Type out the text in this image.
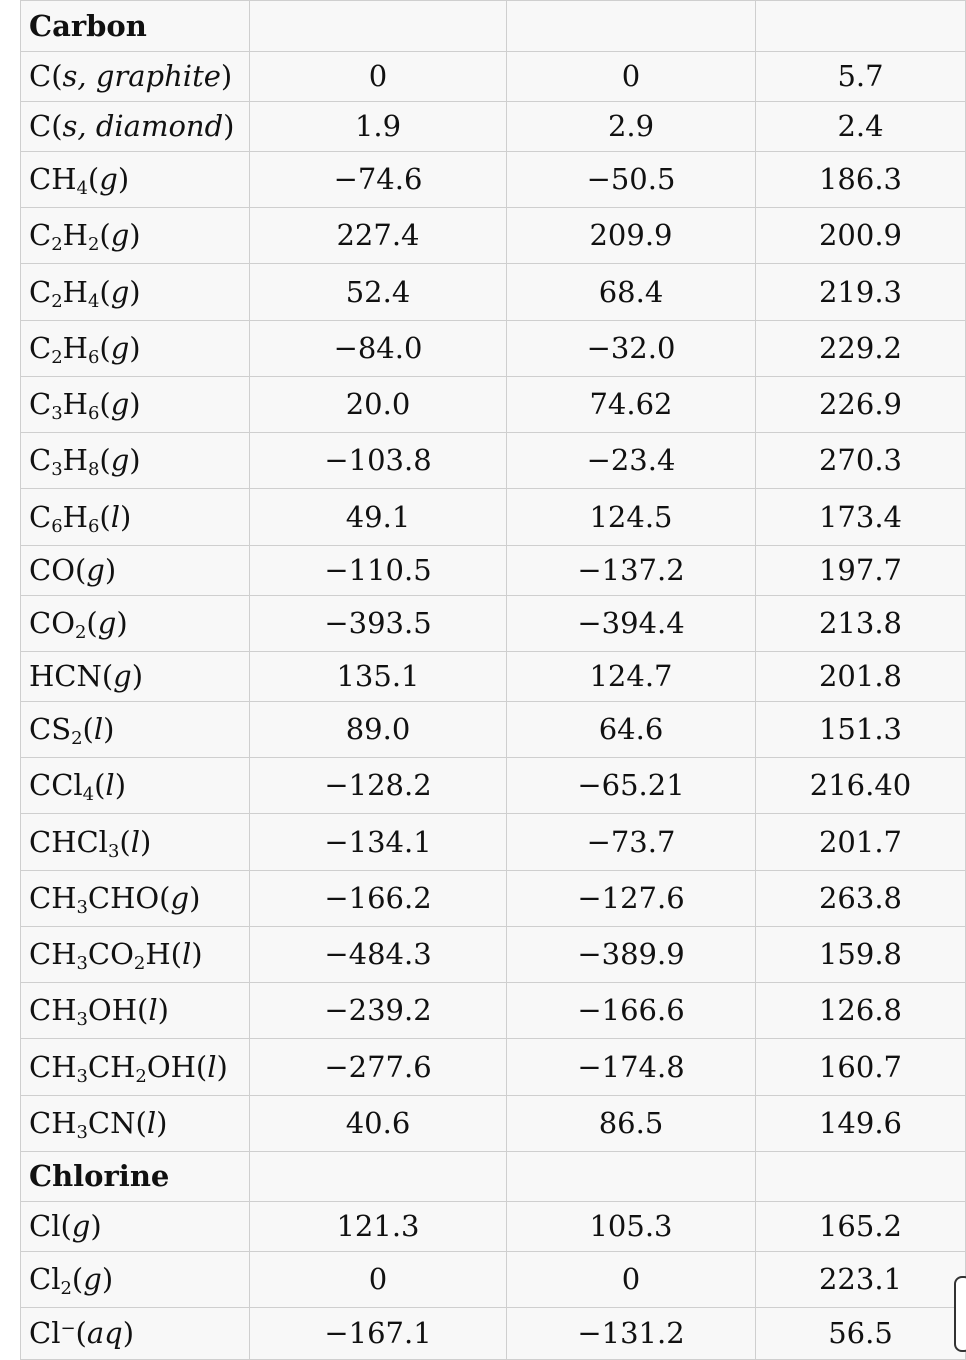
Carbon			
C(s, graphite)	0	0	5.7
C(s, diamond)	1.9	2.9	2.4
$CH_4(g)$	−74.6	−50.5	186.3
$C_2H_2(g)$	227.4	209.9	200.9
$C_2H_4(g)$	52.4	68.4	219.3
$C_2H_6(g)$	−84.0	−32.0	229.2
$C_3H_6(g)$	20.0	74.62	226.9
$C_3H_8(g)$	−103.8	−23.4	270.3
$C_6H_6(l)$	49.1	124.5	173.4
CO(g)	−110.5	−137.2	197.7
$CO_2(g)$	−393.5	−394.4	213.8
HCN(g)	135.1	124.7	201.8
$CS_2(l)$	89.0	64.6	151.3
CCl$_4$(l)	−128.2	−65.21	216.40
CHCl$_3$(l)	−134.1	−73.7	201.7
$CH_3CHO(g)$	−166.2	−127.6	263.8
$CH_3CO_2H(l)$	−484.3	−389.9	159.8
$CH_3OH(l)$	−239.2	−166.6	126.8
$CH_3CH_2OH(l)$	−277.6	−174.8	160.7
$CH_3CN(l)$	40.6	86.5	149.6
Chlorine			
Cl(g)	121.3	105.3	165.2
$Cl_2(g)$	0	0	223.1
Cl−(aq)	−167.1	−131.2	56.5
